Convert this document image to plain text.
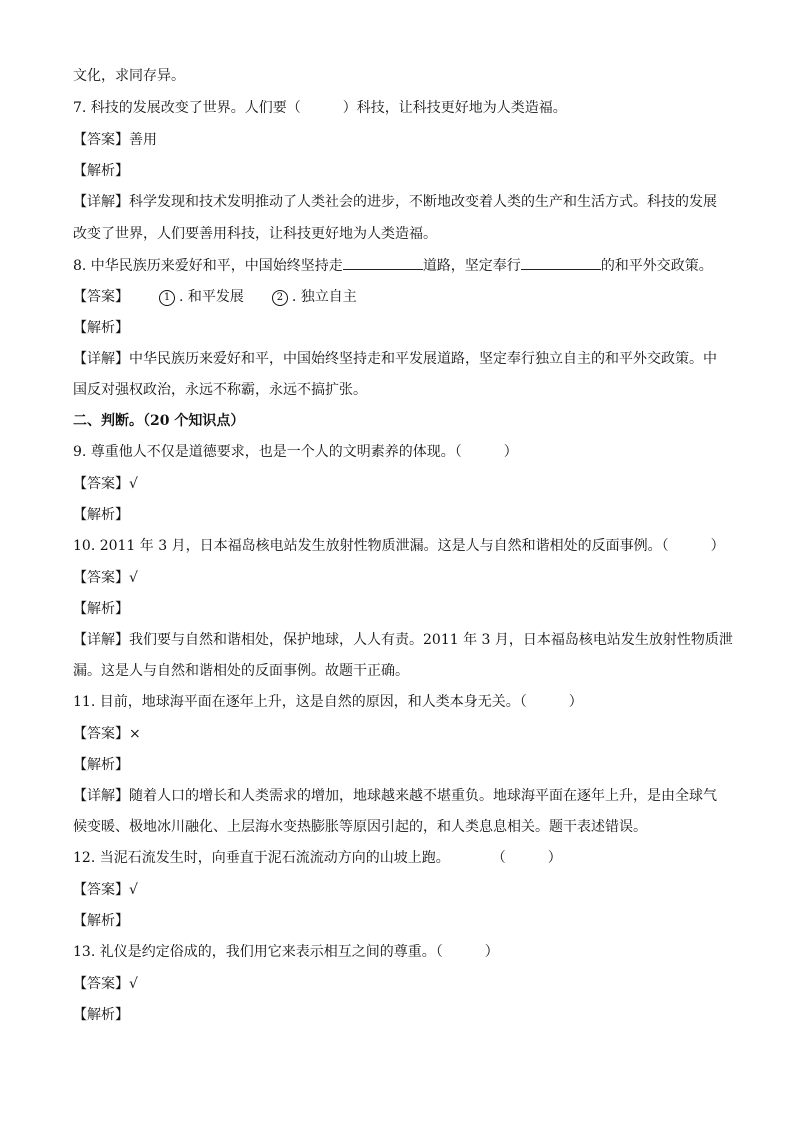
文化，求同存异。
7. 科技的发展改变了世界。人们要（　　　）科技，让科技更好地为人类造福。
【答案】善用
【解析】
【详解】科学发现和技术发明推动了人类社会的进步，不断地改变着人类的生产和生活方式。科技的发展
改变了世界，人们要善用科技，让科技更好地为人类造福。
8. 中华民族历来爱好和平，中国始终坚持走	道路，坚定奉行	的和平外交政策。
【答案】	1 . 和平发展	2 . 独立自主
【解析】
【详解】中华民族历来爱好和平，中国始终坚持走和平发展道路，坚定奉行独立自主的和平外交政策。中
国反对强权政治，永远不称霸，永远不搞扩张。
二、判断。（20 个知识点）
9. 尊重他人不仅是道德要求，也是一个人的文明素养的体现。（　　　）
【答案】√
【解析】
10. 2011 年 3 月，日本福岛核电站发生放射性物质泄漏。这是人与自然和谐相处的反面事例。（　　　）
【答案】√
【解析】
【详解】我们要与自然和谐相处，保护地球，人人有责。2011 年 3 月，日本福岛核电站发生放射性物质泄
漏。这是人与自然和谐相处的反面事例。故题干正确。
11. 目前，地球海平面在逐年上升，这是自然的原因，和人类本身无关。（　　　）
【答案】×
【解析】
【详解】随着人口的增长和人类需求的增加，地球越来越不堪重负。地球海平面在逐年上升，是由全球气
候变暖、极地冰川融化、上层海水变热膨胀等原因引起的，和人类息息相关。题干表述错误。
12. 当泥石流发生时，向垂直于泥石流流动方向的山坡上跑。	（　　　）
【答案】√
【解析】
13. 礼仪是约定俗成的，我们用它来表示相互之间的尊重。（　　　）
【答案】√
【解析】
